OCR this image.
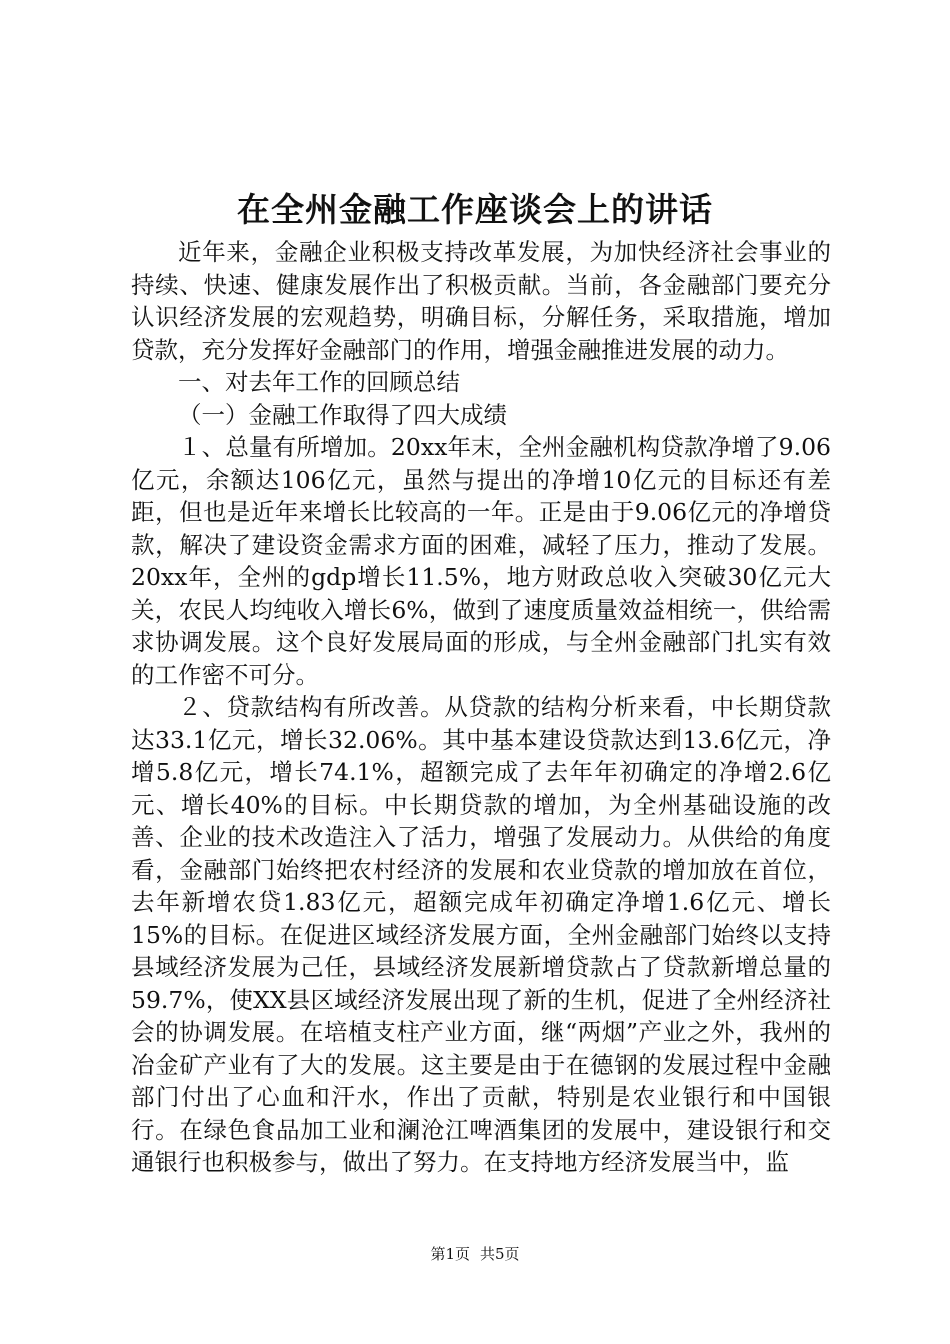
在全州金融工作座谈会上的讲话

近年来，金融企业积极支持改革发展，为加快经济社会事业的持续、快速、健康发展作出了积极贡献。当前，各金融部门要充分认识经济发展的宏观趋势，明确目标，分解任务，采取措施，增加贷款，充分发挥好金融部门的作用，增强金融推进发展的动力。

一、对去年工作的回顾总结

（一）金融工作取得了四大成绩

１、总量有所增加。20xx年末，全州金融机构贷款净增了9.06亿元，余额达106亿元，虽然与提出的净增10亿元的目标还有差距，但也是近年来增长比较高的一年。正是由于9.06亿元的净增贷款，解决了建设资金需求方面的困难，减轻了压力，推动了发展。20xx年，全州的gdp增长11.5%，地方财政总收入突破30亿元大关，农民人均纯收入增长6%，做到了速度质量效益相统一，供给需求协调发展。这个良好发展局面的形成，与全州金融部门扎实有效的工作密不可分。

２、贷款结构有所改善。从贷款的结构分析来看，中长期贷款达33.1亿元，增长32.06%。其中基本建设贷款达到13.6亿元，净增5.8亿元，增长74.1%，超额完成了去年年初确定的净增2.6亿元、增长40%的目标。中长期贷款的增加，为全州基础设施的改善、企业的技术改造注入了活力，增强了发展动力。从供给的角度看，金融部门始终把农村经济的发展和农业贷款的增加放在首位，去年新增农贷1.83亿元，超额完成年初确定净增1.6亿元、增长15%的目标。在促进区域经济发展方面，全州金融部门始终以支持县域经济发展为己任，县域经济发展新增贷款占了贷款新增总量的59.7%，使XX县区域经济发展出现了新的生机，促进了全州经济社会的协调发展。在培植支柱产业方面，继“两烟”产业之外，我州的冶金矿产业有了大的发展。这主要是由于在德钢的发展过程中金融部门付出了心血和汗水，作出了贡献，特别是农业银行和中国银行。在绿色食品加工业和澜沧江啤酒集团的发展中，建设银行和交通银行也积极参与，做出了努力。在支持地方经济发展当中，监

第1页 共5页
